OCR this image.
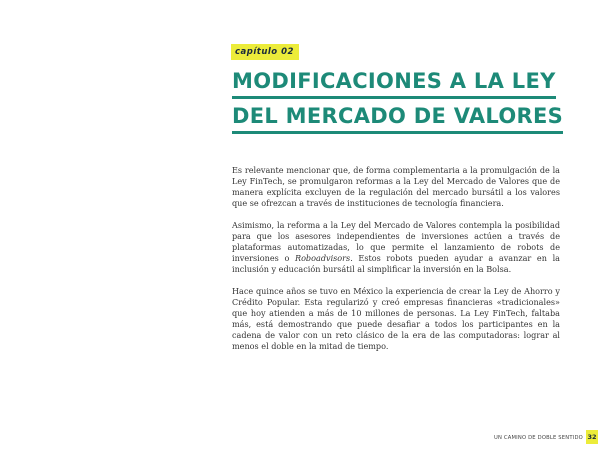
capítulo 02
MODIFICACIONES A LA LEY
DEL MERCADO DE VALORES

Es relevante mencionar que, de forma complementaria a la promulgación de la Ley FinTech, se promulgaron reformas a la Ley del Mercado de Valores que de manera explícita excluyen de la regulación del mercado bursátil a los valores que se ofrezcan a través de instituciones de tecnología financiera.

Asimismo, la reforma a la Ley del Mercado de Valores contempla la posibilidad para que los asesores independientes de inversiones actúen a través de plataformas automatizadas, lo que permite el lanzamiento de robots de inversiones o Roboadvisors. Estos robots pueden ayudar a avanzar en la inclusión y educación bursátil al simplificar la inversión en la Bolsa.

Hace quince años se tuvo en México la experiencia de crear la Ley de Ahorro y Crédito Popular. Esta regularizó y creó empresas financieras «tradicionales» que hoy atienden a más de 10 millones de personas. La Ley FinTech, faltaba más, está demostrando que puede desafiar a todos los participantes en la cadena de valor con un reto clásico de la era de las computadoras: lograr al menos el doble en la mitad de tiempo.

UN CAMINO DE DOBLE SENTIDO 32
